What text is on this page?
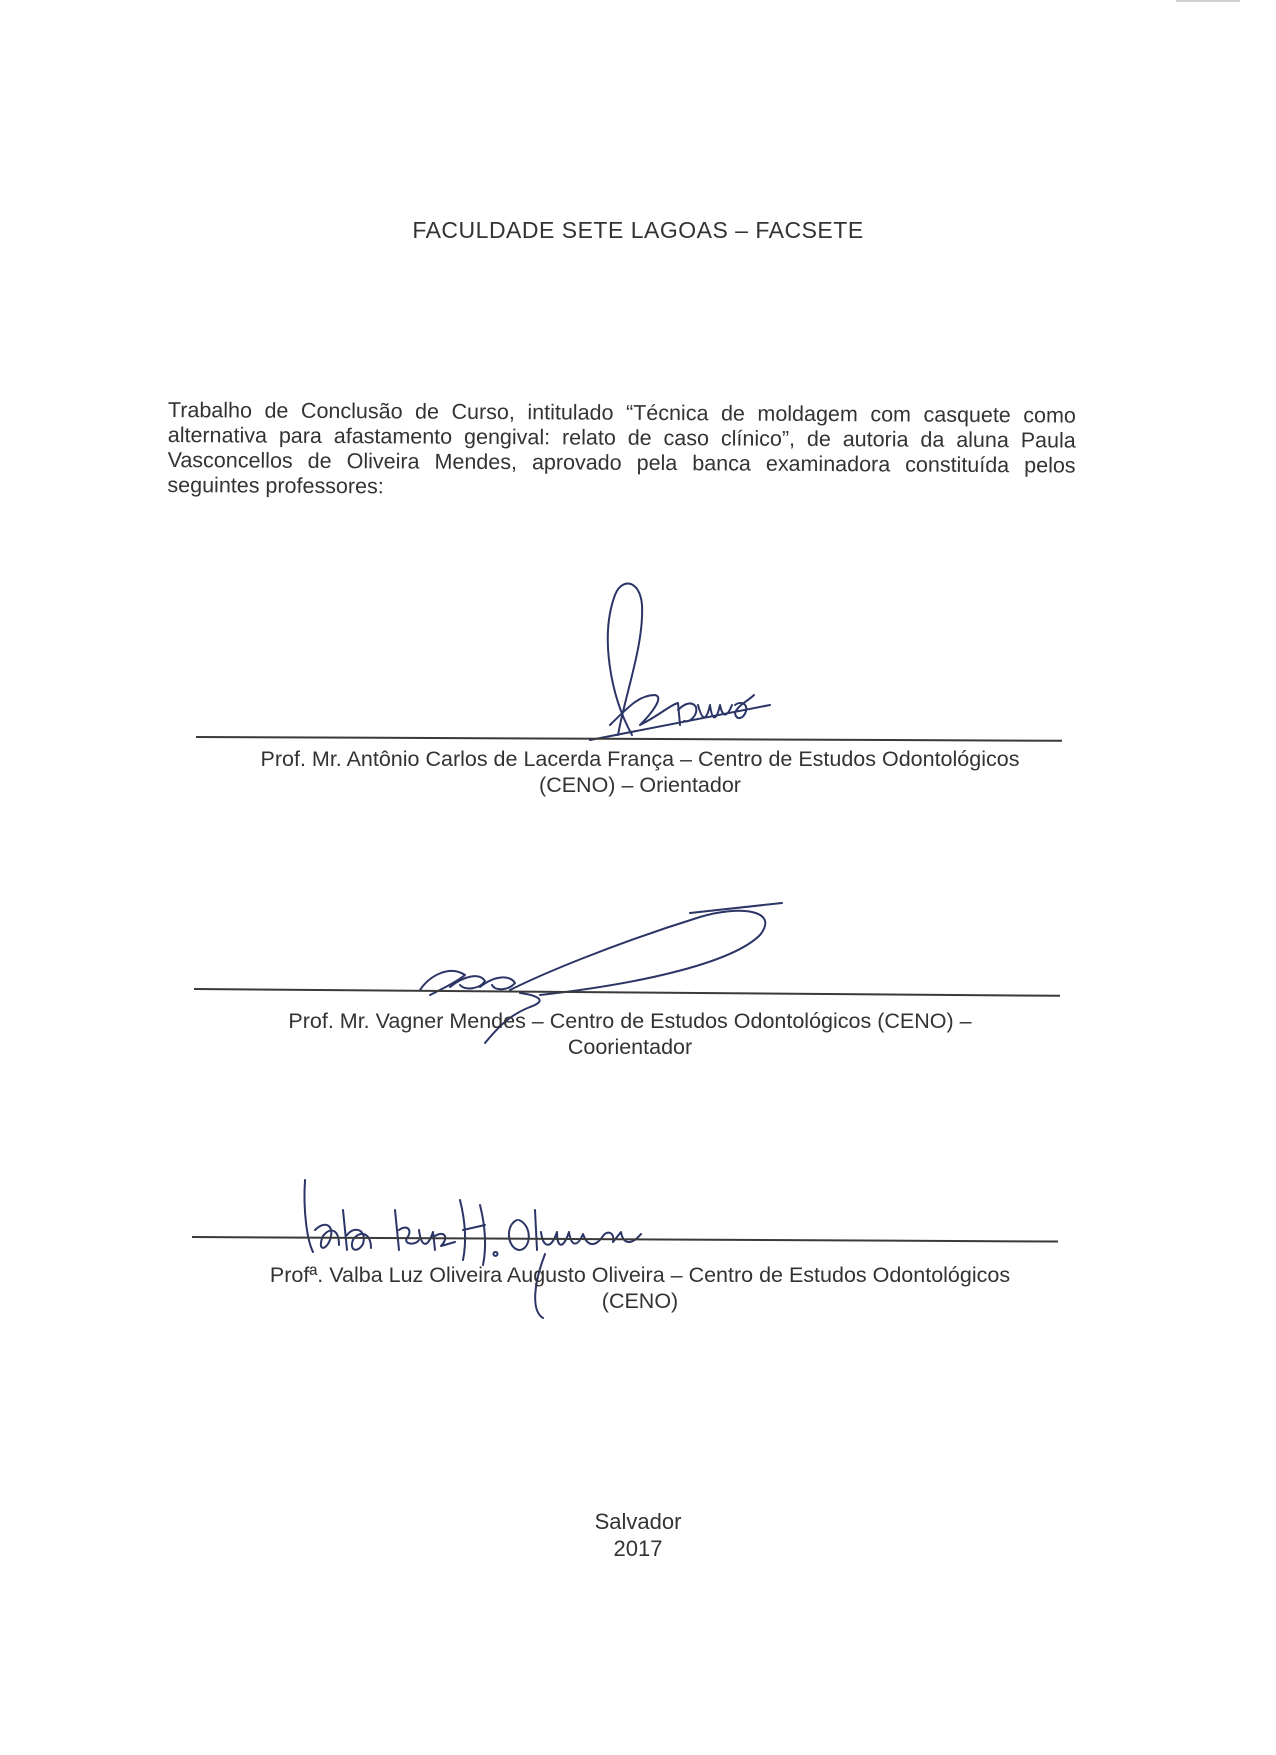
FACULDADE SETE LAGOAS – FACSETE
Trabalho de Conclusão de Curso, intitulado “Técnica de moldagem com casquete como alternativa para afastamento gengival: relato de caso clínico”, de autoria da aluna Paula Vasconcellos de Oliveira Mendes, aprovado pela banca examinadora constituída pelos seguintes professores:
Prof. Mr. Antônio Carlos de Lacerda França – Centro de Estudos Odontológicos
(CENO) – Orientador
Prof. Mr. Vagner Mendes – Centro de Estudos Odontológicos (CENO) –
Coorientador
Profª. Valba Luz Oliveira Augusto Oliveira – Centro de Estudos Odontológicos
(CENO)
Salvador
2017
